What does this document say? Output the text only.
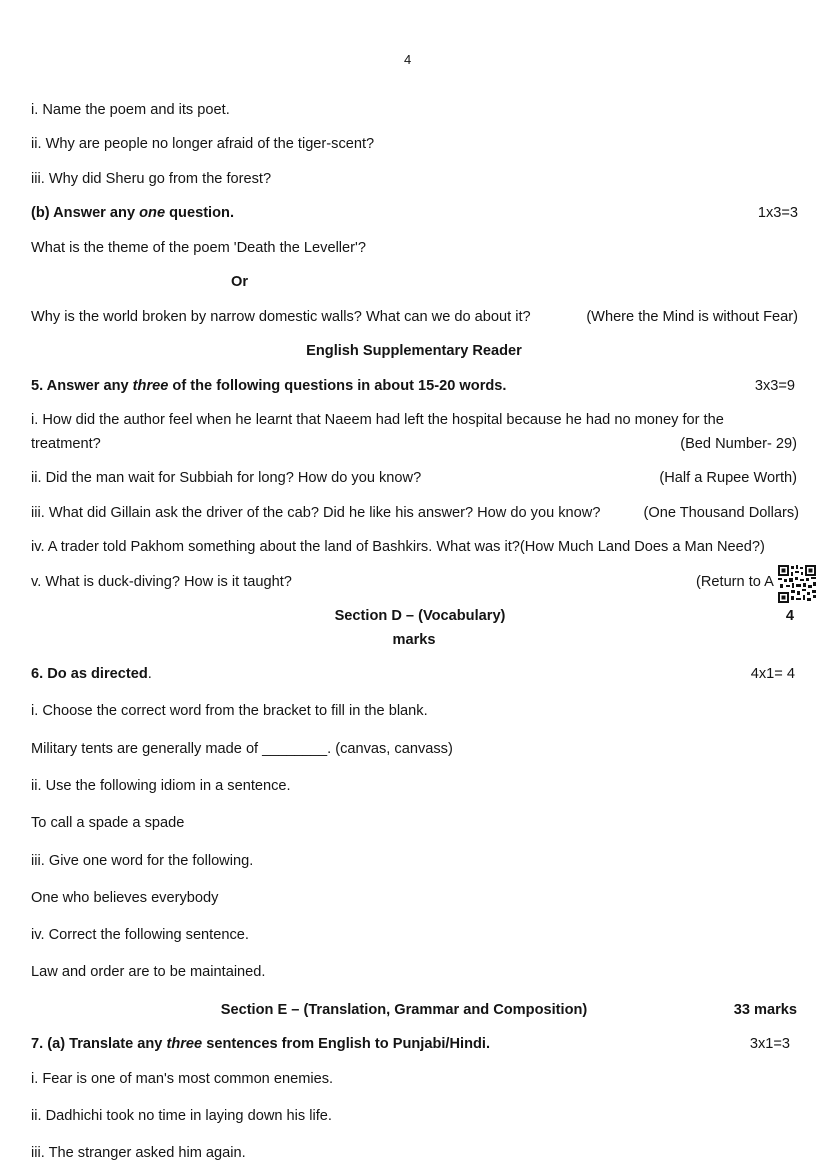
4
i. Name the poem and its poet.
ii. Why are people no longer afraid of the tiger-scent?
iii. Why did Sheru go from the forest?
(b) Answer any one question.	1x3=3
What is the theme of the poem 'Death the Leveller'?
Or
Why is the world broken by narrow domestic walls? What can we do about it?	(Where the Mind is without Fear)
English Supplementary Reader
5. Answer any three of the following questions in about 15-20 words.	3x3=9
i. How did the author feel when he learnt that Naeem had left the hospital because he had no money for the
treatment?	(Bed Number- 29)
ii. Did the man wait for Subbiah for long? How do you know?	(Half a Rupee Worth)
iii. What did Gillain ask the driver of the cab? Did he like his answer? How do you know?	(One Thousand Dollars)
iv. A trader told Pakhom something about the land of Bashkirs. What was it?(How Much Land Does a Man Need?)
v. What is duck-diving? How is it taught?	(Return to A
Section D – (Vocabulary)	4
marks
6. Do as directed.	4x1= 4
i. Choose the correct word from the bracket to fill in the blank.
Military tents are generally made of ________. (canvas, canvass)
ii. Use the following idiom in a sentence.
To call a spade a spade
iii. Give one word for the following.
One who believes everybody
iv. Correct the following sentence.
Law and order are to be maintained.
Section E – (Translation, Grammar and Composition)	33 marks
7. (a) Translate any three sentences from English to Punjabi/Hindi.	3x1=3
i. Fear is one of man's most common enemies.
ii. Dadhichi took no time in laying down his life.
iii. The stranger asked him again.
